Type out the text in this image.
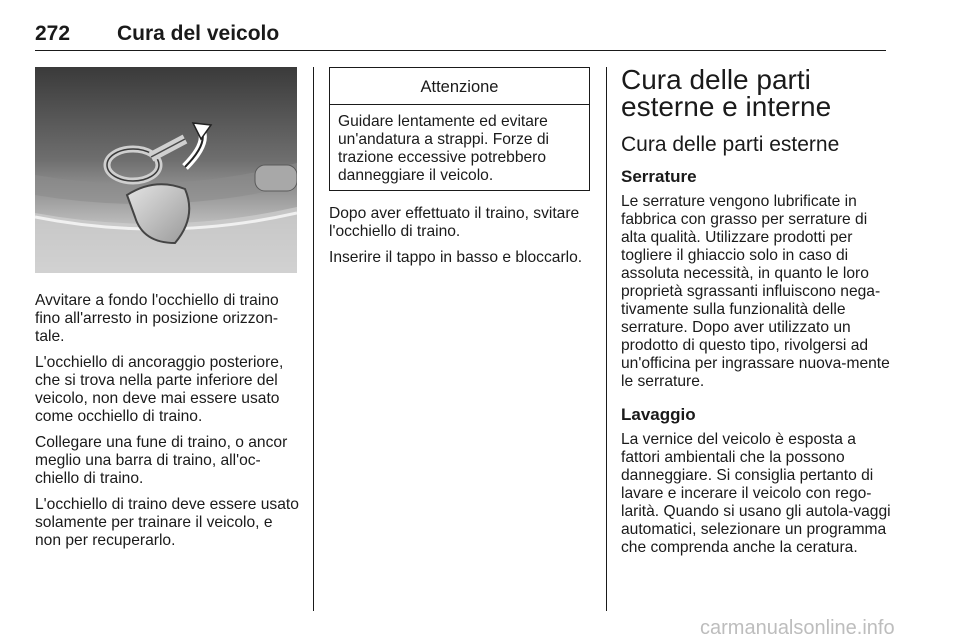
272 Cura del veicolo

Avvitare a fondo l'occhiello di traino fino all'arresto in posizione orizzon-tale.

L'occhiello di ancoraggio posteriore, che si trova nella parte inferiore del veicolo, non deve mai essere usato come occhiello di traino.

Collegare una fune di traino, o ancor meglio una barra di traino, all'oc-chiello di traino.

L'occhiello di traino deve essere usato solamente per trainare il veicolo, e non per recuperarlo.

Attenzione
Guidare lentamente ed evitare un'andatura a strappi. Forze di trazione eccessive potrebbero danneggiare il veicolo.

Dopo aver effettuato il traino, svitare l'occhiello di traino.

Inserire il tappo in basso e bloccarlo.

Cura delle parti esterne e interne
Cura delle parti esterne
Serrature

Le serrature vengono lubrificate in fabbrica con grasso per serrature di alta qualità. Utilizzare prodotti per togliere il ghiaccio solo in caso di assoluta necessità, in quanto le loro proprietà sgrassanti influiscono nega-tivamente sulla funzionalità delle serrature. Dopo aver utilizzato un prodotto di questo tipo, rivolgersi ad un'officina per ingrassare nuova-mente le serrature.

Lavaggio

La vernice del veicolo è esposta a fattori ambientali che la possono danneggiare. Si consiglia pertanto di lavare e incerare il veicolo con rego-larità. Quando si usano gli autola-vaggi automatici, selezionare un programma che comprenda anche la ceratura.

carmanualsonline.info
